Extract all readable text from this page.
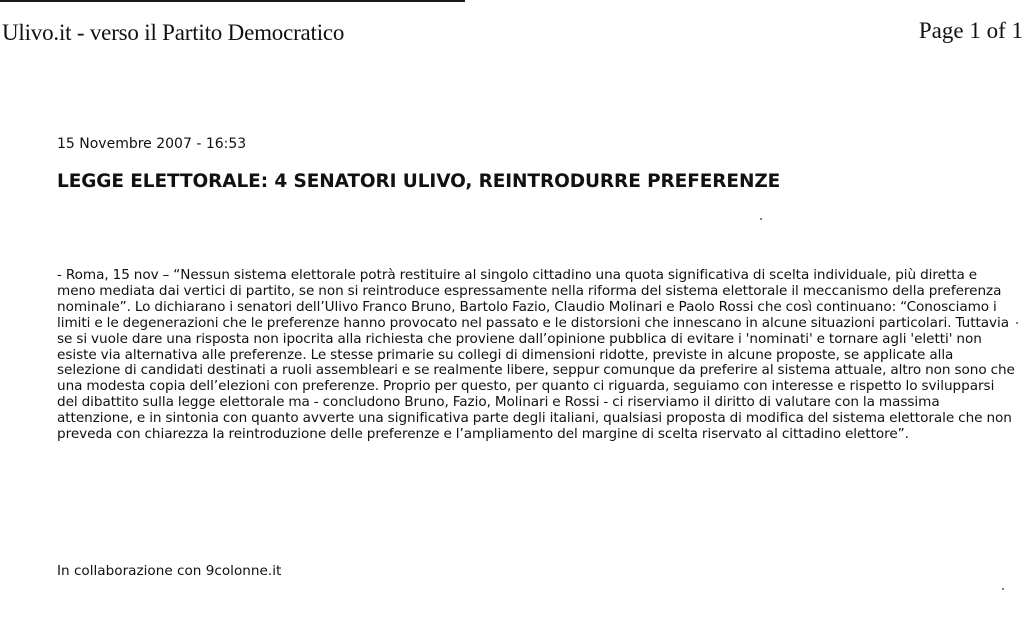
Ulivo.it - verso il Partito Democratico	Page 1 of 1
15 Novembre 2007 - 16:53
LEGGE ELETTORALE: 4 SENATORI ULIVO, REINTRODURRE PREFERENZE

- Roma, 15 nov – “Nessun sistema elettorale potrà restituire al singolo cittadino una quota significativa di scelta individuale, più diretta e meno mediata dai vertici di partito, se non si reintroduce espressamente nella riforma del sistema elettorale il meccanismo della preferenza nominale”. Lo dichiarano i senatori dell’Ulivo Franco Bruno, Bartolo Fazio, Claudio Molinari e Paolo Rossi che così continuano: “Conosciamo i limiti e le degenerazioni che le preferenze hanno provocato nel passato e le distorsioni che innescano in alcune situazioni particolari. Tuttavia se si vuole dare una risposta non ipocrita alla richiesta che proviene dall’opinione pubblica di evitare i 'nominati' e tornare agli 'eletti' non esiste via alternativa alle preferenze. Le stesse primarie su collegi di dimensioni ridotte, previste in alcune proposte, se applicate alla selezione di candidati destinati a ruoli assembleari e se realmente libere, seppur comunque da preferire al sistema attuale, altro non sono che una modesta copia dell’elezioni con preferenze. Proprio per questo, per quanto ci riguarda, seguiamo con interesse e rispetto lo svilupparsi del dibattito sulla legge elettorale ma - concludono Bruno, Fazio, Molinari e Rossi - ci riserviamo il diritto di valutare con la massima attenzione, e in sintonia con quanto avverte una significativa parte degli italiani, qualsiasi proposta di modifica del sistema elettorale che non preveda con chiarezza la reintroduzione delle preferenze e l’ampliamento del margine di scelta riservato al cittadino elettore”.

In collaborazione con 9colonne.it
